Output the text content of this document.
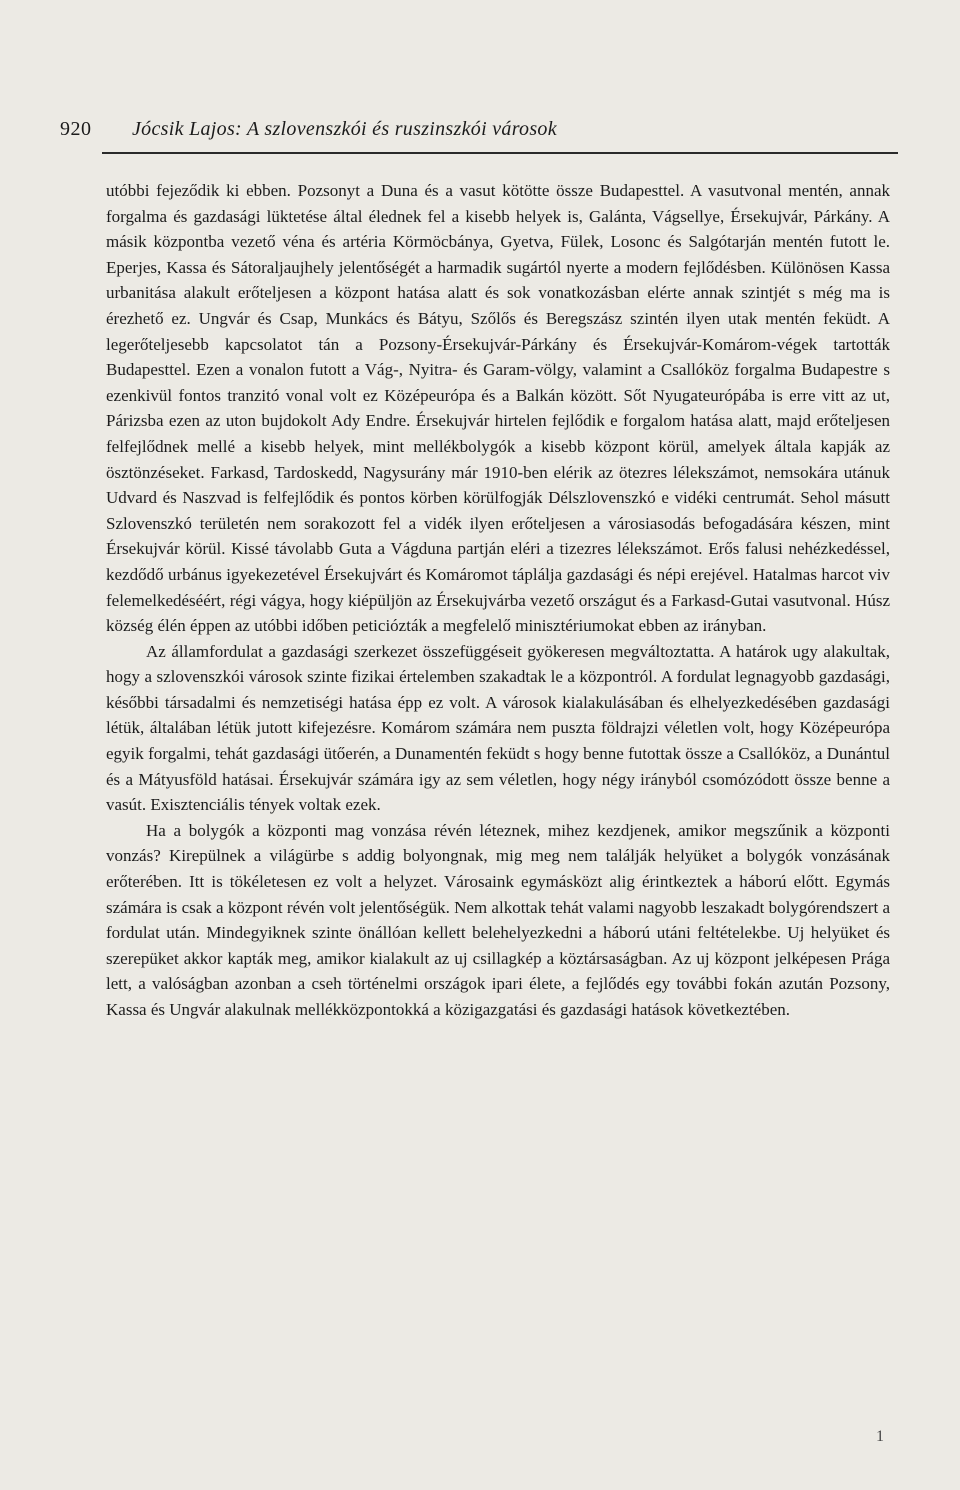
920 Jócsik Lajos: A szlovenszkói és ruszinszkói városok

utóbbi fejeződik ki ebben. Pozsonyt a Duna és a vasut kötötte össze Budapesttel. A vasutvonal mentén, annak forgalma és gazdasági lüktetése által élednek fel a kisebb helyek is, Galánta, Vágsellye, Érsekujvár, Párkány. A másik központba vezető véna és artéria Körmöcbánya, Gyetva, Fülek, Losonc és Salgótarján mentén futott le. Eperjes, Kassa és Sátoraljaujhely jelentőségét a harmadik sugártól nyerte a modern fejlődésben. Különösen Kassa urbanitása alakult erőteljesen a központ hatása alatt és sok vonatkozásban elérte annak szintjét s még ma is érezhető ez. Ungvár és Csap, Munkács és Bátyu, Szőlős és Beregszász szintén ilyen utak mentén feküdt. A legerőteljesebb kapcsolatot tán a Pozsony-Érsekujvár-Párkány és Érsekujvár-Komárom-végek tartották Budapesttel. Ezen a vonalon futott a Vág-, Nyitra- és Garam-völgy, valamint a Csallóköz forgalma Budapestre s ezenkivül fontos tranzitó vonal volt ez Középeurópa és a Balkán között. Sőt Nyugateurópába is erre vitt az ut, Párizsba ezen az uton bujdokolt Ady Endre. Érsekujvár hirtelen fejlődik e forgalom hatása alatt, majd erőteljesen felfejlődnek mellé a kisebb helyek, mint mellékbolygók a kisebb központ körül, amelyek általa kapják az ösztönzéseket. Farkasd, Tardoskedd, Nagysurány már 1910-ben elérik az ötezres lélekszámot, nemsokára utánuk Udvard és Naszvad is felfejlődik és pontos körben körülfogják Délszlovenszkó e vidéki centrumát. Sehol másutt Szlovenszkó területén nem sorakozott fel a vidék ilyen erőteljesen a városiasodás befogadására készen, mint Érsekujvár körül. Kissé távolabb Guta a Vágduna partján eléri a tizezres lélekszámot. Erős falusi nehézkedéssel, kezdődő urbánus igyekezetével Érsekujvárt és Komáromot táplálja gazdasági és népi erejével. Hatalmas harcot viv felemelkedéséért, régi vágya, hogy kiépüljön az Érsekujvárba vezető országut és a Farkasd-Gutai vasutvonal. Húsz község élén éppen az utóbbi időben peticiózták a megfelelő minisztériumokat ebben az irányban.

Az államfordulat a gazdasági szerkezet összefüggéseit gyökeresen megváltoztatta. A határok ugy alakultak, hogy a szlovenszkói városok szinte fizikai értelemben szakadtak le a központról. A fordulat legnagyobb gazdasági, későbbi társadalmi és nemzetiségi hatása épp ez volt. A városok kialakulásában és elhelyezkedésében gazdasági létük, általában létük jutott kifejezésre. Komárom számára nem puszta földrajzi véletlen volt, hogy Középeurópa egyik forgalmi, tehát gazdasági ütőerén, a Dunamentén feküdt s hogy benne futottak össze a Csallóköz, a Dunántul és a Mátyusföld hatásai. Érsekujvár számára igy az sem véletlen, hogy négy irányból csomózódott össze benne a vasút. Exisztenciális tények voltak ezek.

Ha a bolygók a központi mag vonzása révén léteznek, mihez kezdjenek, amikor megszűnik a központi vonzás? Kirepülnek a világürbe s addig bolyongnak, mig meg nem találják helyüket a bolygók vonzásának erőterében. Itt is tökéletesen ez volt a helyzet. Városaink egymásközt alig érintkeztek a háború előtt. Egymás számára is csak a központ révén volt jelentőségük. Nem alkottak tehát valami nagyobb leszakadt bolygórendszert a fordulat után. Mindegyiknek szinte önállóan kellett belehelyezkedni a háború utáni feltételekbe. Uj helyüket és szerepüket akkor kapták meg, amikor kialakult az uj csillagkép a köztársaságban. Az uj központ jelképesen Prága lett, a valóságban azonban a cseh történelmi országok ipari élete, a fejlődés egy további fokán azután Pozsony, Kassa és Ungvár alakulnak mellékközpontokká a közigazgatási és gazdasági hatások következtében.

1
